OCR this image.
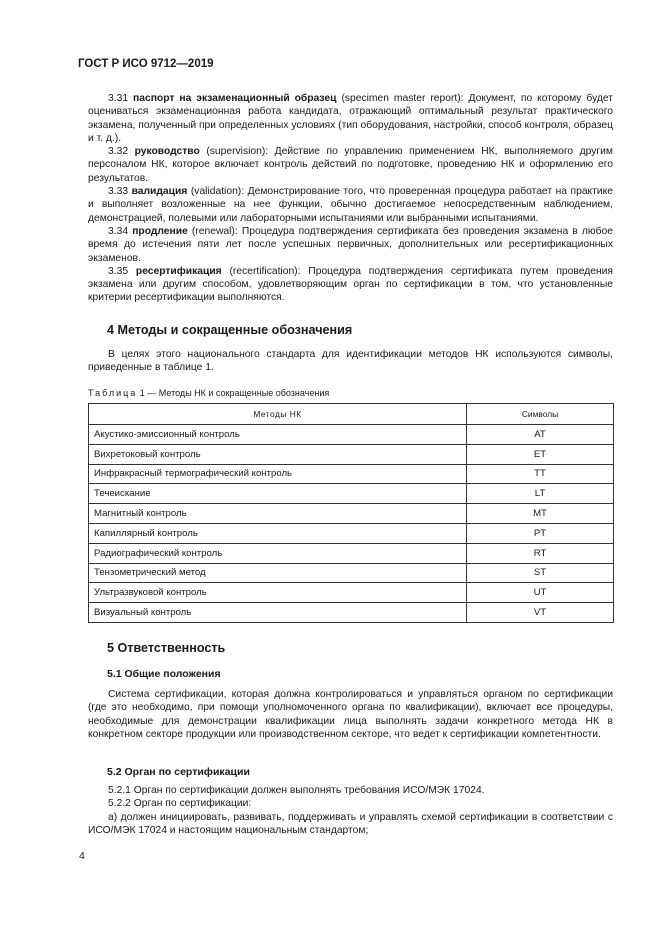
ГОСТ Р ИСО 9712—2019

3.31 паспорт на экзаменационный образец (specimen master report): Документ, по которому будет оцениваться экзаменационная работа кандидата, отражающий оптимальный результат практического экзамена, полученный при определенных условиях (тип оборудования, настройки, способ контроля, образец и т. д.).

3.32 руководство (supervision): Действие по управлению применением НК, выполняемого другим персоналом НК, которое включает контроль действий по подготовке, проведению НК и оформлению его результатов.

3.33 валидация (validation): Демонстрирование того, что проверенная процедура работает на практике и выполняет возложенные на нее функции, обычно достигаемое непосредственным наблюдением, демонстрацией, полевыми или лабораторными испытаниями или выбранными испытаниями.

3.34 продление (renewal): Процедура подтверждения сертификата без проведения экзамена в любое время до истечения пяти лет после успешных первичных, дополнительных или ресертификационных экзаменов.

3.35 ресертификация (recertification): Процедура подтверждения сертификата путем проведения экзамена или другим способом, удовлетворяющим орган по сертификации в том, что установленные критерии ресертификации выполняются.

4 Методы и сокращенные обозначения

В целях этого национального стандарта для идентификации методов НК используются символы, приведенные в таблице 1.

Таблица 1 — Методы НК и сокращенные обозначения
Методы НК	Символы
Акустико-эмиссионный контроль	AT
Вихретоковый контроль	ET
Инфракрасный термографический контроль	TT
Течеискание	LT
Магнитный контроль	MT
Капиллярный контроль	PT
Радиографический контроль	RT
Тензометрический метод	ST
Ультразвуковой контроль	UT
Визуальный контроль	VT
5 Ответственность
5.1 Общие положения

Система сертификации, которая должна контролироваться и управляться органом по сертификации (где это необходимо, при помощи уполномоченного органа по квалификации), включает все процедуры, необходимые для демонстрации квалификации лица выполнять задачи конкретного метода НК в конкретном секторе продукции или производственном секторе, что ведет к сертификации компетентности.

5.2 Орган по сертификации

5.2.1 Орган по сертификации должен выполнять требования ИСО/МЭК 17024.

5.2.2 Орган по сертификации:

а) должен инициировать, развивать, поддерживать и управлять схемой сертификации в соответствии с ИСО/МЭК 17024 и настоящим национальным стандартом;

4
